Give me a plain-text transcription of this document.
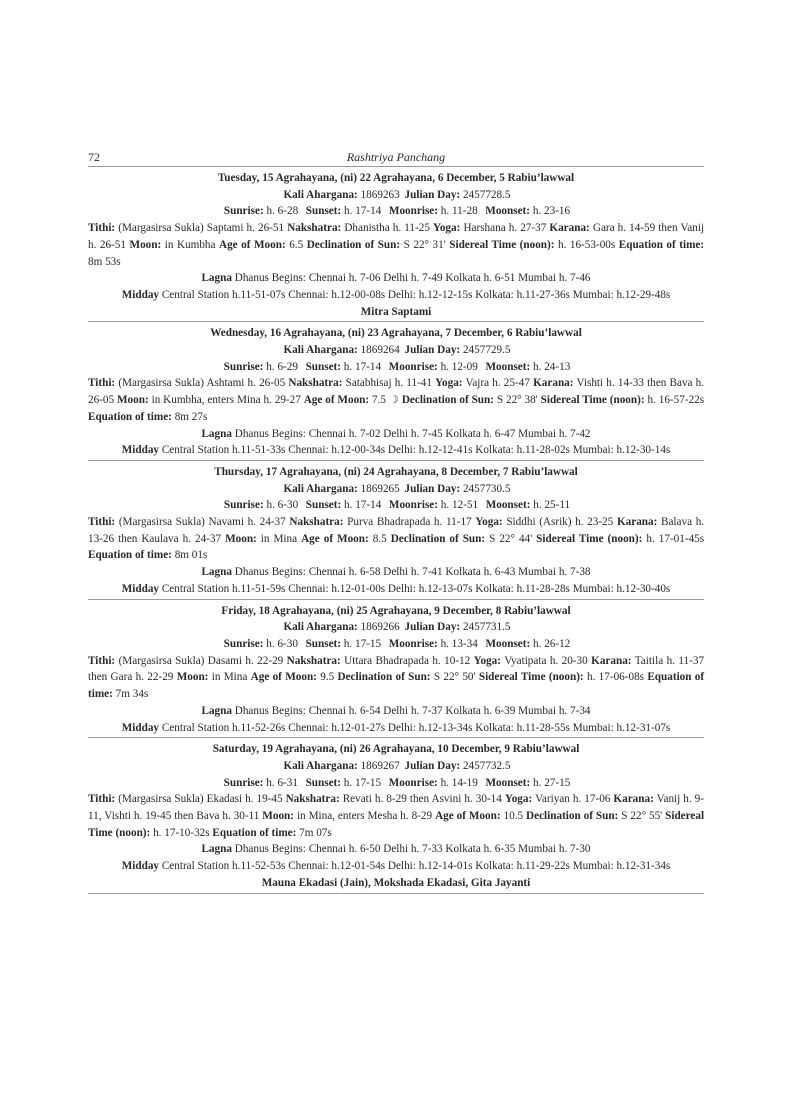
72	Rashtriya Panchang
Tuesday, 15 Agrahayana, (ni) 22 Agrahayana, 6 December, 5 Rabiu’lawwal
Kali Ahargana: 1869263 Julian Day: 2457728.5
Sunrise: h. 6-28 Sunset: h. 17-14 Moonrise: h. 11-28 Moonset: h. 23-16
Tithi: (Margasirsa Sukla) Saptami h. 26-51 Nakshatra: Dhanistha h. 11-25 Yoga: Harshana h. 27-37 Karana: Gara h. 14-59 then Vanij h. 26-51 Moon: in Kumbha Age of Moon: 6.5 Declination of Sun: S 22° 31' Sidereal Time (noon): h. 16-53-00s Equation of time: 8m 53s
Lagna Dhanus Begins: Chennai h. 7-06 Delhi h. 7-49 Kolkata h. 6-51 Mumbai h. 7-46
Midday Central Station h.11-51-07s Chennai: h.12-00-08s Delhi: h.12-12-15s Kolkata: h.11-27-36s Mumbai: h.12-29-48s
Mitra Saptami
Wednesday, 16 Agrahayana, (ni) 23 Agrahayana, 7 December, 6 Rabiu’lawwal
Kali Ahargana: 1869264 Julian Day: 2457729.5
Sunrise: h. 6-29 Sunset: h. 17-14 Moonrise: h. 12-09 Moonset: h. 24-13
Tithi: (Margasirsa Sukla) Ashtami h. 26-05 Nakshatra: Satabhisaj h. 11-41 Yoga: Vajra h. 25-47 Karana: Vishti h. 14-33 then Bava h. 26-05 Moon: in Kumbha, enters Mina h. 29-27 Age of Moon: 7.5 ☽ Declination of Sun: S 22° 38' Sidereal Time (noon): h. 16-57-22s Equation of time: 8m 27s
Lagna Dhanus Begins: Chennai h. 7-02 Delhi h. 7-45 Kolkata h. 6-47 Mumbai h. 7-42
Midday Central Station h.11-51-33s Chennai: h.12-00-34s Delhi: h.12-12-41s Kolkata: h.11-28-02s Mumbai: h.12-30-14s
Thursday, 17 Agrahayana, (ni) 24 Agrahayana, 8 December, 7 Rabiu’lawwal
Kali Ahargana: 1869265 Julian Day: 2457730.5
Sunrise: h. 6-30 Sunset: h. 17-14 Moonrise: h. 12-51 Moonset: h. 25-11
Tithi: (Margasirsa Sukla) Navami h. 24-37 Nakshatra: Purva Bhadrapada h. 11-17 Yoga: Siddhi (Asrik) h. 23-25 Karana: Balava h. 13-26 then Kaulava h. 24-37 Moon: in Mina Age of Moon: 8.5 Declination of Sun: S 22° 44' Sidereal Time (noon): h. 17-01-45s Equation of time: 8m 01s
Lagna Dhanus Begins: Chennai h. 6-58 Delhi h. 7-41 Kolkata h. 6-43 Mumbai h. 7-38
Midday Central Station h.11-51-59s Chennai: h.12-01-00s Delhi: h.12-13-07s Kolkata: h.11-28-28s Mumbai: h.12-30-40s
Friday, 18 Agrahayana, (ni) 25 Agrahayana, 9 December, 8 Rabiu’lawwal
Kali Ahargana: 1869266 Julian Day: 2457731.5
Sunrise: h. 6-30 Sunset: h. 17-15 Moonrise: h. 13-34 Moonset: h. 26-12
Tithi: (Margasirsa Sukla) Dasami h. 22-29 Nakshatra: Uttara Bhadrapada h. 10-12 Yoga: Vyatipata h. 20-30 Karana: Taitila h. 11-37 then Gara h. 22-29 Moon: in Mina Age of Moon: 9.5 Declination of Sun: S 22° 50' Sidereal Time (noon): h. 17-06-08s Equation of time: 7m 34s
Lagna Dhanus Begins: Chennai h. 6-54 Delhi h. 7-37 Kolkata h. 6-39 Mumbai h. 7-34
Midday Central Station h.11-52-26s Chennai: h.12-01-27s Delhi: h.12-13-34s Kolkata: h.11-28-55s Mumbai: h.12-31-07s
Saturday, 19 Agrahayana, (ni) 26 Agrahayana, 10 December, 9 Rabiu’lawwal
Kali Ahargana: 1869267 Julian Day: 2457732.5
Sunrise: h. 6-31 Sunset: h. 17-15 Moonrise: h. 14-19 Moonset: h. 27-15
Tithi: (Margasirsa Sukla) Ekadasi h. 19-45 Nakshatra: Revati h. 8-29 then Asvini h. 30-14 Yoga: Variyan h. 17-06 Karana: Vanij h. 9-11, Vishti h. 19-45 then Bava h. 30-11 Moon: in Mina, enters Mesha h. 8-29 Age of Moon: 10.5 Declination of Sun: S 22° 55' Sidereal Time (noon): h. 17-10-32s Equation of time: 7m 07s
Lagna Dhanus Begins: Chennai h. 6-50 Delhi h. 7-33 Kolkata h. 6-35 Mumbai h. 7-30
Midday Central Station h.11-52-53s Chennai: h.12-01-54s Delhi: h.12-14-01s Kolkata: h.11-29-22s Mumbai: h.12-31-34s
Mauna Ekadasi (Jain), Mokshada Ekadasi, Gita Jayanti
